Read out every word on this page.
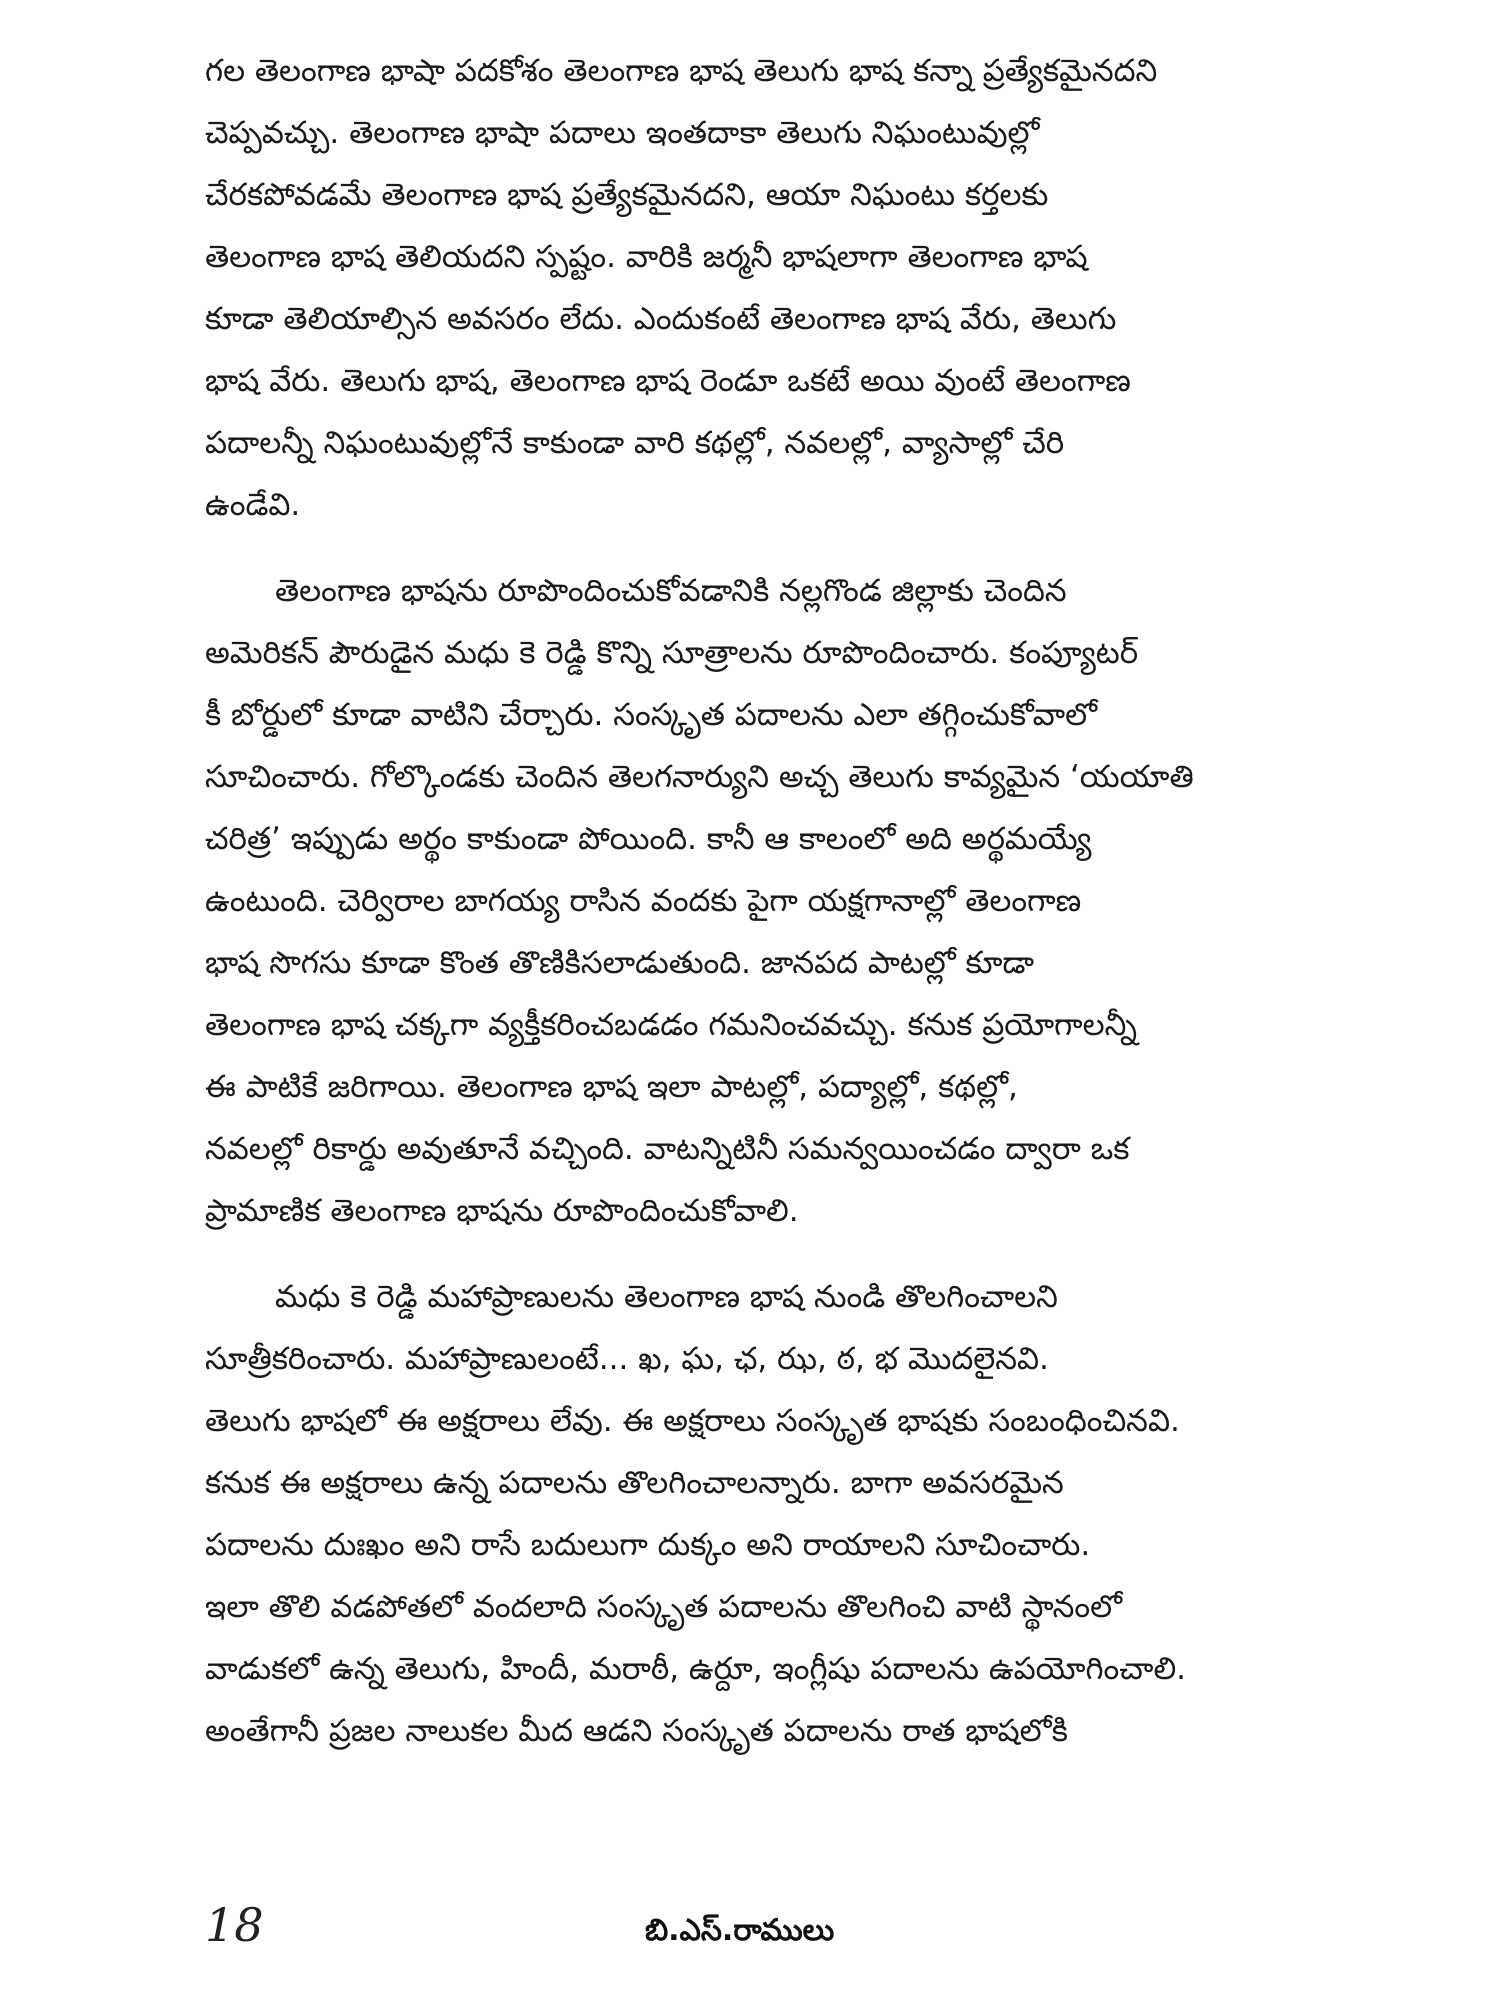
గల తెలంగాణ భాషా పదకోశం తెలంగాణ భాష తెలుగు భాష కన్నా ప్రత్యేకమైనదని
చెప్పవచ్చు. తెలంగాణ భాషా పదాలు ఇంతదాకా తెలుగు నిఘంటువుల్లో
చేరకపోవడమే తెలంగాణ భాష ప్రత్యేకమైనదని, ఆయా నిఘంటు కర్తలకు
తెలంగాణ భాష తెలియదని స్పష్టం. వారికి జర్మనీ భాషలాగా తెలంగాణ భాష
కూడా తెలియాల్సిన అవసరం లేదు. ఎందుకంటే తెలంగాణ భాష వేరు, తెలుగు
భాష వేరు. తెలుగు భాష, తెలంగాణ భాష రెండూ ఒకటే అయి వుంటే తెలంగాణ
పదాలన్నీ నిఘంటువుల్లోనే కాకుండా వారి కథల్లో, నవలల్లో, వ్యాసాల్లో చేరి
ఉండేవి.

తెలంగాణ భాషను రూపొందించుకోవడానికి నల్లగొండ జిల్లాకు చెందిన
అమెరికన్ పౌరుడైన మధు కె రెడ్డి కొన్ని సూత్రాలను రూపొందించారు. కంప్యూటర్
కీ బోర్డులో కూడా వాటిని చేర్చారు. సంస్కృత పదాలను ఎలా తగ్గించుకోవాలో
సూచించారు. గోల్కొండకు చెందిన తెలగనార్యుని అచ్చ తెలుగు కావ్యమైన ‘యయాతి
చరిత్ర’ ఇప్పుడు అర్థం కాకుండా పోయింది. కానీ ఆ కాలంలో అది అర్థమయ్యే
ఉంటుంది. చెర్విరాల బాగయ్య రాసిన వందకు పైగా యక్షగానాల్లో తెలంగాణ
భాష సొగసు కూడా కొంత తొణికిసలాడుతుంది. జానపద పాటల్లో కూడా
తెలంగాణ భాష చక్కగా వ్యక్తీకరించబడడం గమనించవచ్చు. కనుక ప్రయోగాలన్నీ
ఈ పాటికే జరిగాయి. తెలంగాణ భాష ఇలా పాటల్లో, పద్యాల్లో, కథల్లో,
నవలల్లో రికార్డు అవుతూనే వచ్చింది. వాటన్నిటినీ సమన్వయించడం ద్వారా ఒక
ప్రామాణిక తెలంగాణ భాషను రూపొందించుకోవాలి.

మధు కె రెడ్డి మహాప్రాణులను తెలంగాణ భాష నుండి తొలగించాలని
సూత్రీకరించారు. మహాప్రాణులంటే... ఖ, ఘ, ఛ, ఝ, ఠ, భ మొదలైనవి.
తెలుగు భాషలో ఈ అక్షరాలు లేవు. ఈ అక్షరాలు సంస్కృత భాషకు సంబంధించినవి.
కనుక ఈ అక్షరాలు ఉన్న పదాలను తొలగించాలన్నారు. బాగా అవసరమైన
పదాలను దుఃఖం అని రాసే బదులుగా దుక్కం అని రాయాలని సూచించారు.
ఇలా తొలి వడపోతలో వందలాది సంస్కృత పదాలను తొలగించి వాటి స్థానంలో
వాడుకలో ఉన్న తెలుగు, హిందీ, మరాఠీ, ఉర్దూ, ఇంగ్లీషు పదాలను ఉపయోగించాలి.
అంతేగానీ ప్రజల నాలుకల మీద ఆడని సంస్కృత పదాలను రాత భాషలోకి

18	బి.ఎస్.రాములు
